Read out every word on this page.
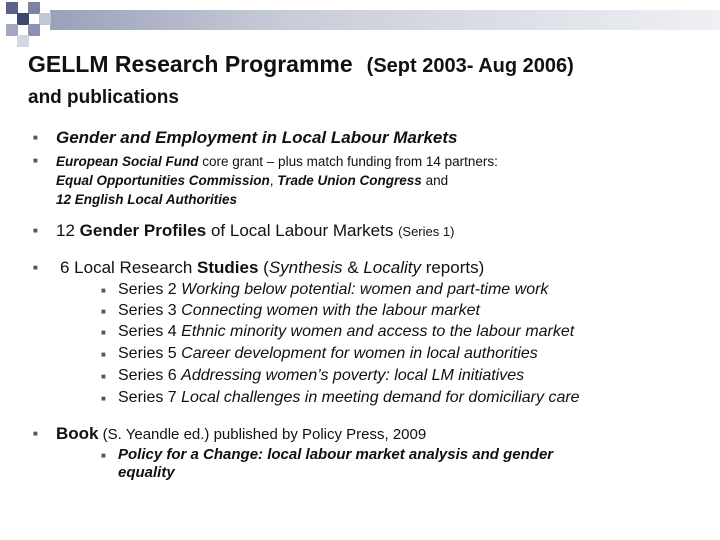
GELLM Research Programme (Sept 2003- Aug 2006)
and publications
■ Gender and Employment in Local Labour Markets
■ European Social Fund core grant – plus match funding from 14 partners:
Equal Opportunities Commission, Trade Union Congress and
12 English Local Authorities
■ 12 Gender Profiles of Local Labour Markets (Series 1)
■ 6 Local Research Studies (Synthesis & Locality reports)
■ Series 2 Working below potential: women and part-time work
■ Series 3 Connecting women with the labour market
■ Series 4 Ethnic minority women and access to the labour market
■ Series 5 Career development for women in local authorities
■ Series 6 Addressing women’s poverty: local LM initiatives
■ Series 7 Local challenges in meeting demand for domiciliary care
■ Book (S. Yeandle ed.) published by Policy Press, 2009
■ Policy for a Change: local labour market analysis and gender
equality
